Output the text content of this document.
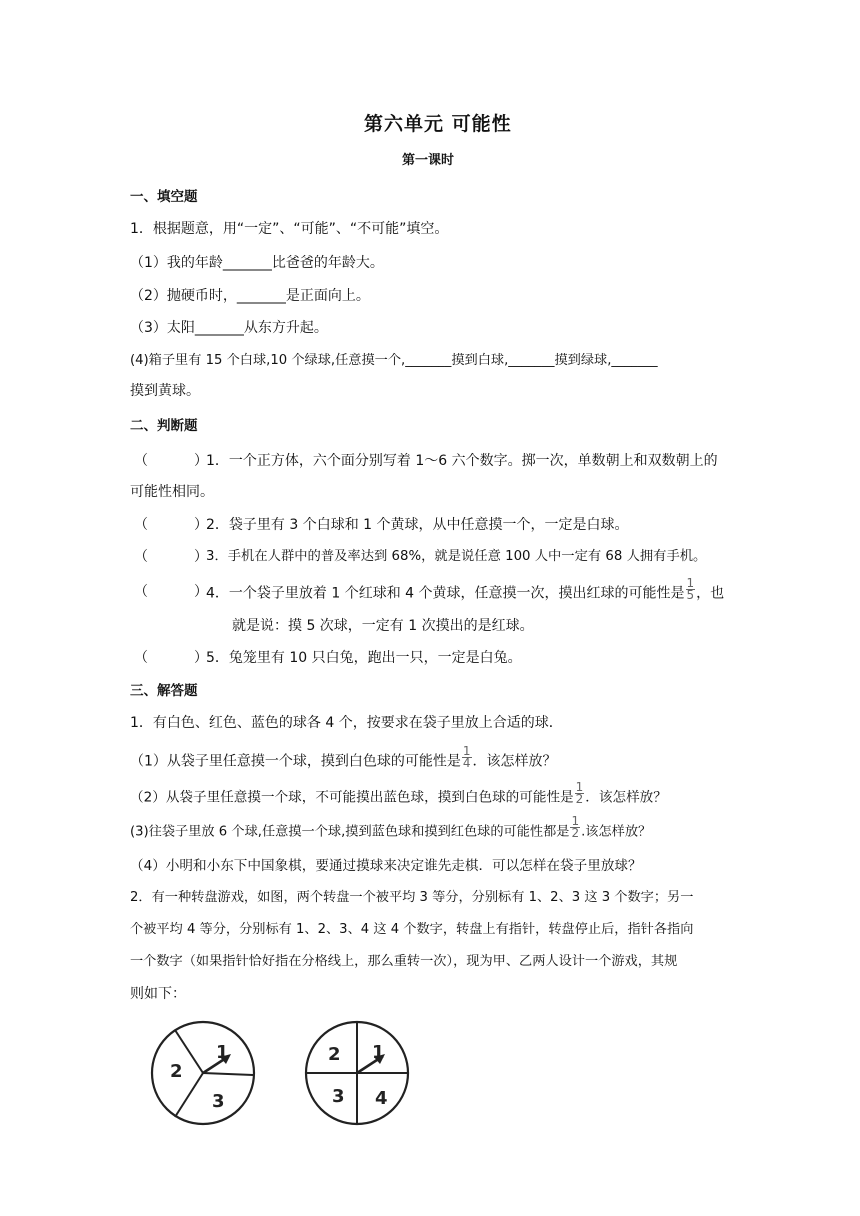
第六单元 可能性
第一课时
一、填空题
1．根据题意，用“一定”、“可能”、“不可能”填空。
（1）我的年龄_______比爸爸的年龄大。
（2）抛硬币时，_______是正面向上。
（3）太阳_______从东方升起。
(4)箱子里有 15 个白球,10 个绿球,任意摸一个,_______摸到白球,_______摸到绿球,_______
摸到黄球。
二、判断题
（	）
1．一个正方体，六个面分别写着 1～6 六个数字。掷一次，单数朝上和双数朝上的
可能性相同。
（	）
2．袋子里有 3 个白球和 1 个黄球，从中任意摸一个，一定是白球。
（	）
3．手机在人群中的普及率达到 68%，就是说任意 100 人中一定有 68 人拥有手机。
（	）
4．一个袋子里放着 1 个红球和 4 个黄球，任意摸一次，摸出红球的可能性是 $\frac{1}{5}$ ，也
就是说：摸 5 次球，一定有 1 次摸出的是红球。
（	）
5．兔笼里有 10 只白兔，跑出一只，一定是白兔。
三、解答题
1．有白色、红色、蓝色的球各 4 个，按要求在袋子里放上合适的球．
（1）从袋子里任意摸一个球，摸到白色球的可能性是 $\frac{1}{4}$ ．该怎样放？
（2）从袋子里任意摸一个球，不可能摸出蓝色球，摸到白色球的可能性是 $\frac{1}{2}$ ．该怎样放？
(3)往袋子里放 6 个球,任意摸一个球,摸到蓝色球和摸到红色球的可能性都是 $\frac{1}{2}$ .该怎样放？
（4）小明和小东下中国象棋，要通过摸球来决定谁先走棋．可以怎样在袋子里放球？
2．有一种转盘游戏，如图，两个转盘一个被平均 3 等分，分别标有 1、2、3 这 3 个数字；另一
个被平均 4 等分，分别标有 1、2、3、4 这 4 个数字，转盘上有指针，转盘停止后，指针各指向
一个数字（如果指针恰好指在分格线上，那么重转一次），现为甲、乙两人设计一个游戏，其规
则如下：
1
2
3
1
2
3 4
